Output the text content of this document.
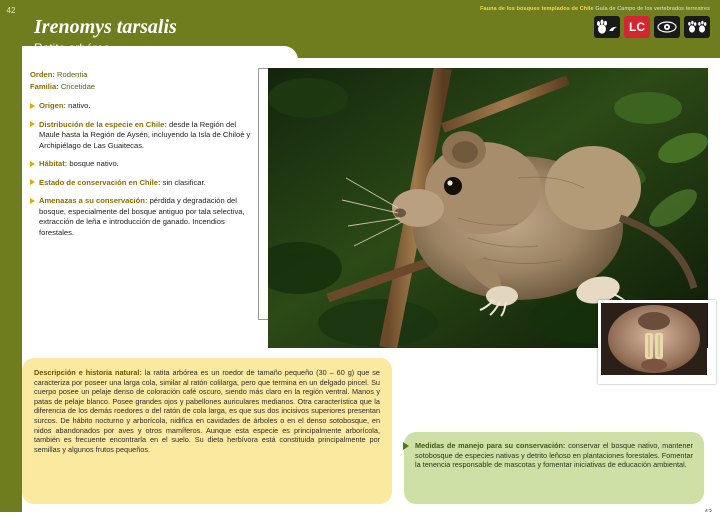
42
Irenomys tarsalis
Fauna de los bosques templados de Chile Guía de Campo de los vertebrados terrestres
LC
Orden: Rodentia
Familia: Cricetidae
Origen: nativo.
Distribución de la especie en Chile: desde la Región del Maule hasta la Región de Aysén, incluyendo la Isla de Chiloé y Archipiélago de Las Guaitecas.
Hábitat: bosque nativo.
Estado de conservación en Chile: sin clasificar.
Amenazas a su conservación: pérdida y degradación del bosque, especialmente del bosque antiguo por tala selectiva, extracción de leña e introducción de ganado. Incendios forestales.
Descripción e historia natural: la ratita arbórea es un roedor de tamaño pequeño (30 – 60 g) que se caracteriza por poseer una larga cola, similar al ratón colilarga, pero que termina en un delgado pincel. Su cuerpo posee un pelaje denso de coloración café oscuro, siendo más claro en la región ventral. Manos y patas de pelaje blanco. Posee grandes ojos y pabellones auriculares medianos. Otra característica que la diferencia de los demás roedores o del ratón de cola larga, es que sus dos incisivos superiores presentan surcos. De hábito nocturno y arborícola, nidifica en cavidades de árboles o en el denso sotobosque, en nidos abandonados por aves y otros mamíferos. Aunque esta especie es principalmente arborícola, también es frecuente encontrarla en el suelo. Su dieta herbívora está constituida principalmente por semillas y algunos frutos pequeños.	Medidas de manejo para su conservación: conservar el bosque nativo, mantener sotobosque de especies nativas y detrito leñoso en plantaciones forestales. Fomentar la tenencia responsable de mascotas y fomentar iniciativas de educación ambiental.
